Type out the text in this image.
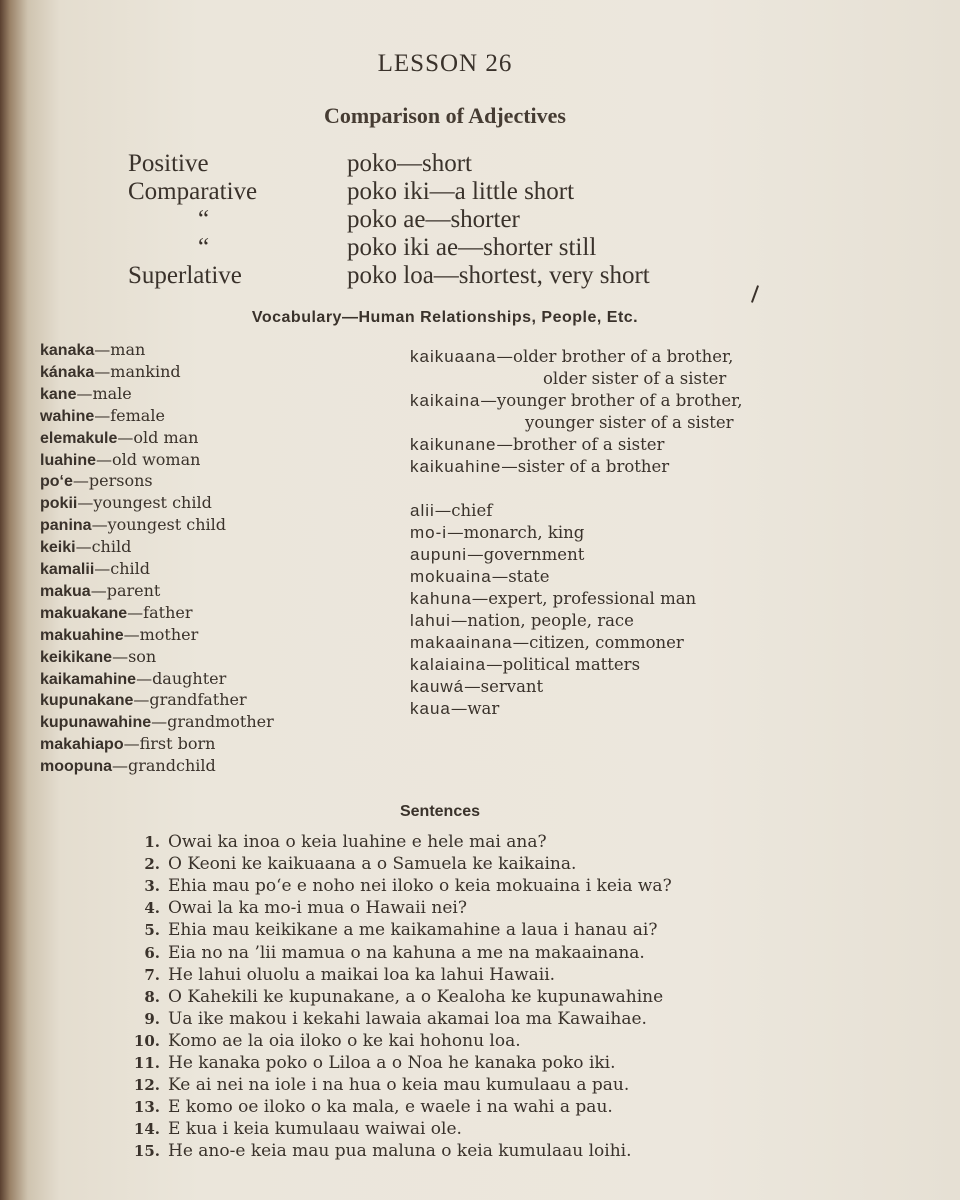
LESSON 26
Comparison of Adjectives
Positive	poko—short
Comparative	poko iki—a little short
“	poko ae—shorter
“	poko iki ae—shorter still
Superlative	poko loa—shortest, very short
Vocabulary—Human Relationships, People, Etc.
kanaka—man
kánaka—mankind
kane—male
wahine—female
elemakule—old man
luahine—old woman
po‘e—persons
pokii—youngest child
panina—youngest child
keiki—child
kamalii—child
makua—parent
makuakane—father
makuahine—mother
keikikane—son
kaikamahine—daughter
kupunakane—grandfather
kupunawahine—grandmother
makahiapo—first born
moopuna—grandchild
kaikuaana—older brother of a brother,
older sister of a sister
kaikaina—younger brother of a brother,
younger sister of a sister
kaikunane—brother of a sister
kaikuahine—sister of a brother
alii—chief
mo-i—monarch, king
aupuni—government
mokuaina—state
kahuna—expert, professional man
lahui—nation, people, race
makaainana—citizen, commoner
kalaiaina—political matters
kauwá—servant
kaua—war
Sentences
1. Owai ka inoa o keia luahine e hele mai ana?
2. O Keoni ke kaikuaana a o Samuela ke kaikaina.
3. Ehia mau po‘e e noho nei iloko o keia mokuaina i keia wa?
4. Owai la ka mo-i mua o Hawaii nei?
5. Ehia mau keikikane a me kaikamahine a laua i hanau ai?
6. Eia no na ’lii mamua o na kahuna a me na makaainana.
7. He lahui oluolu a maikai loa ka lahui Hawaii.
8. O Kahekili ke kupunakane, a o Kealoha ke kupunawahine
9. Ua ike makou i kekahi lawaia akamai loa ma Kawaihae.
10. Komo ae la oia iloko o ke kai hohonu loa.
11. He kanaka poko o Liloa a o Noa he kanaka poko iki.
12. Ke ai nei na iole i na hua o keia mau kumulaau a pau.
13. E komo oe iloko o ka mala, e waele i na wahi a pau.
14. E kua i keia kumulaau waiwai ole.
15. He ano-e keia mau pua maluna o keia kumulaau loihi.
